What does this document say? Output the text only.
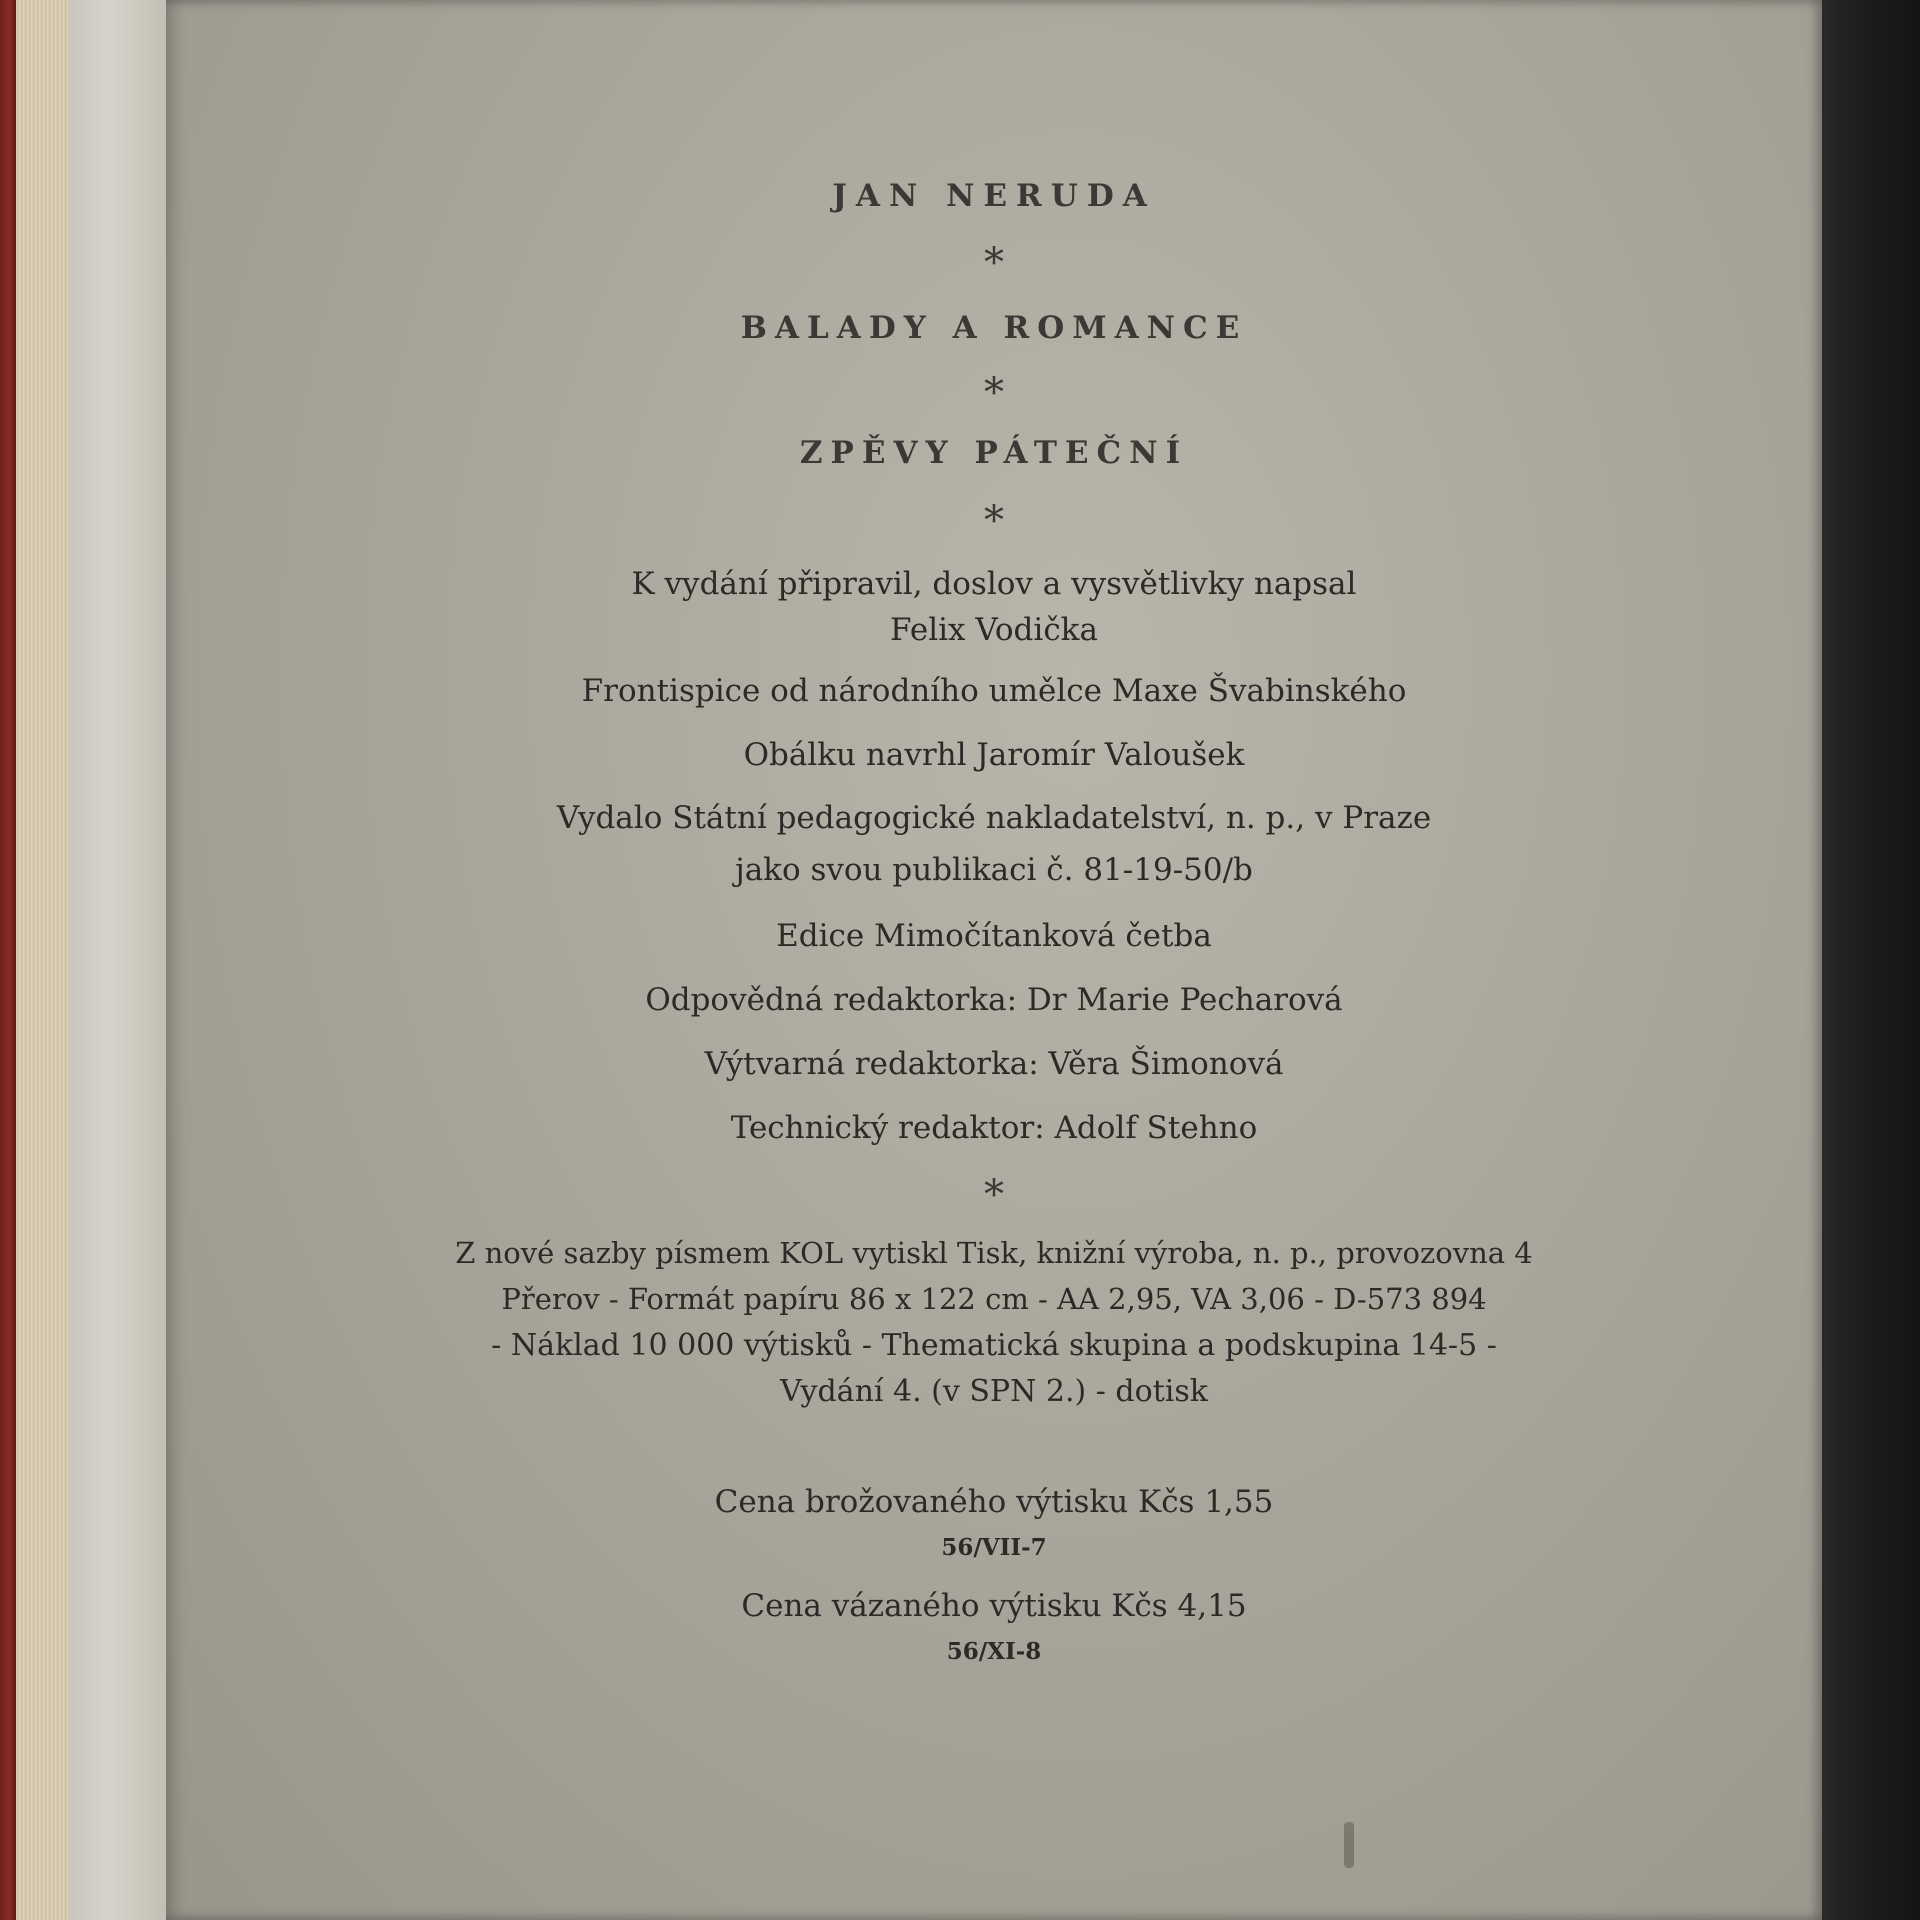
JAN NERUDA
*
BALADY A ROMANCE
*
ZPĚVY PÁTEČNÍ
*
K vydání připravil, doslov a vysvětlivky napsal
Felix Vodička
Frontispice od národního umělce Maxe Švabinského
Obálku navrhl Jaromír Valoušek
Vydalo Státní pedagogické nakladatelství, n. p., v Praze
jako svou publikaci č. 81-19-50/b
Edice Mimočítanková četba
Odpovědná redaktorka: Dr Marie Pecharová
Výtvarná redaktorka: Věra Šimonová
Technický redaktor: Adolf Stehno
*
Z nové sazby písmem KOL vytiskl Tisk, knižní výroba, n. p., provozovna 4
Přerov - Formát papíru 86 x 122 cm - AA 2,95, VA 3,06 - D-573 894
- Náklad 10 000 výtisků - Thematická skupina a podskupina 14-5 -
Vydání 4. (v SPN 2.) - dotisk
Cena brožovaného výtisku Kčs 1,55
56/VII-7
Cena vázaného výtisku Kčs 4,15
56/XI-8
